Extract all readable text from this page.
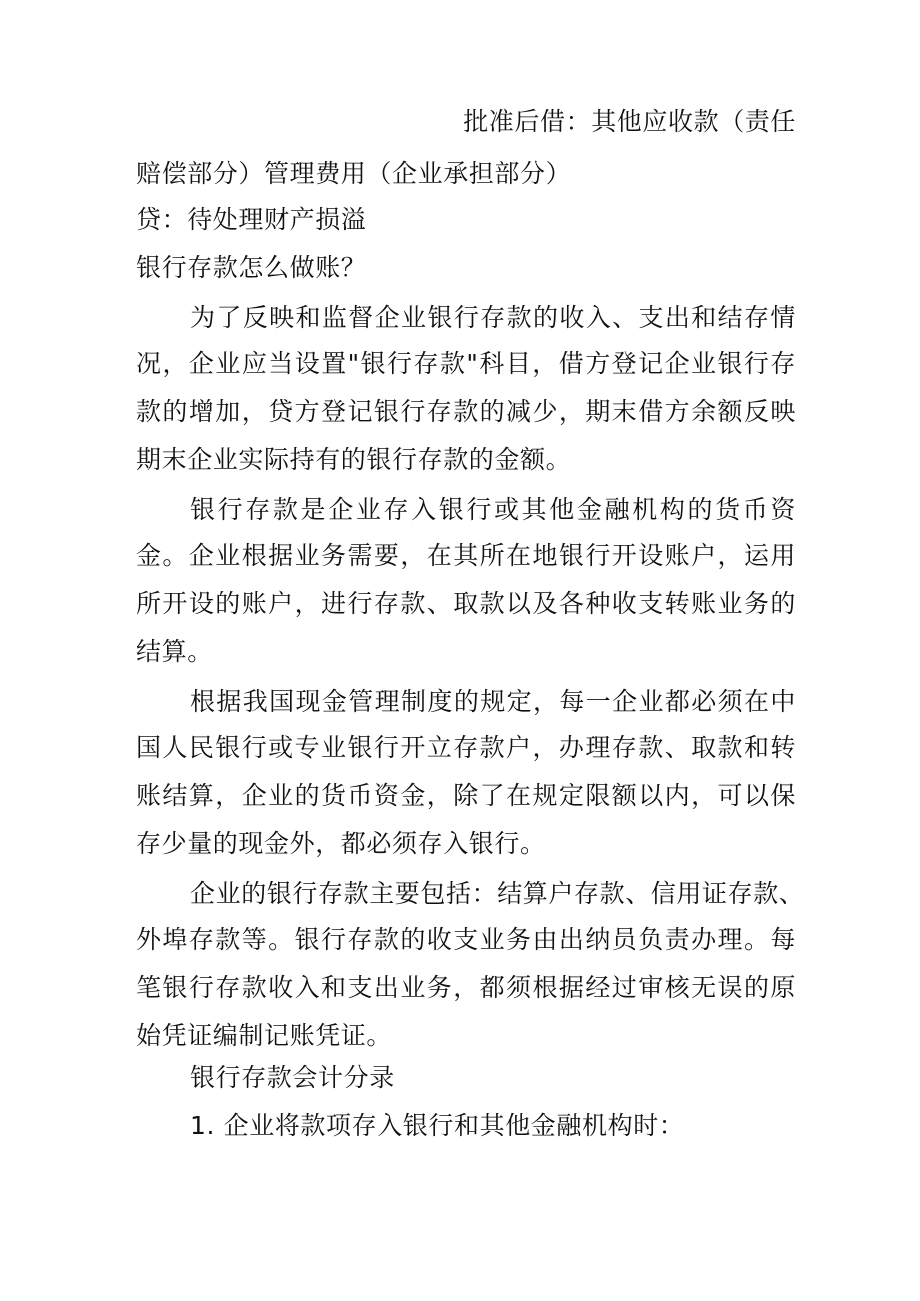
批准后借：其他应收款（责任
赔偿部分）管理费用（企业承担部分）
贷：待处理财产损溢
银行存款怎么做账？
为了反映和监督企业银行存款的收入、支出和结存情
况，企业应当设置"银行存款"科目，借方登记企业银行存
款的增加，贷方登记银行存款的减少，期末借方余额反映
期末企业实际持有的银行存款的金额。
银行存款是企业存入银行或其他金融机构的货币资
金。企业根据业务需要，在其所在地银行开设账户，运用
所开设的账户，进行存款、取款以及各种收支转账业务的
结算。
根据我国现金管理制度的规定，每一企业都必须在中
国人民银行或专业银行开立存款户，办理存款、取款和转
账结算，企业的货币资金，除了在规定限额以内，可以保
存少量的现金外，都必须存入银行。
企业的银行存款主要包括：结算户存款、信用证存款、
外埠存款等。银行存款的收支业务由出纳员负责办理。每
笔银行存款收入和支出业务，都须根据经过审核无误的原
始凭证编制记账凭证。
银行存款会计分录
1. 企业将款项存入银行和其他金融机构时：
